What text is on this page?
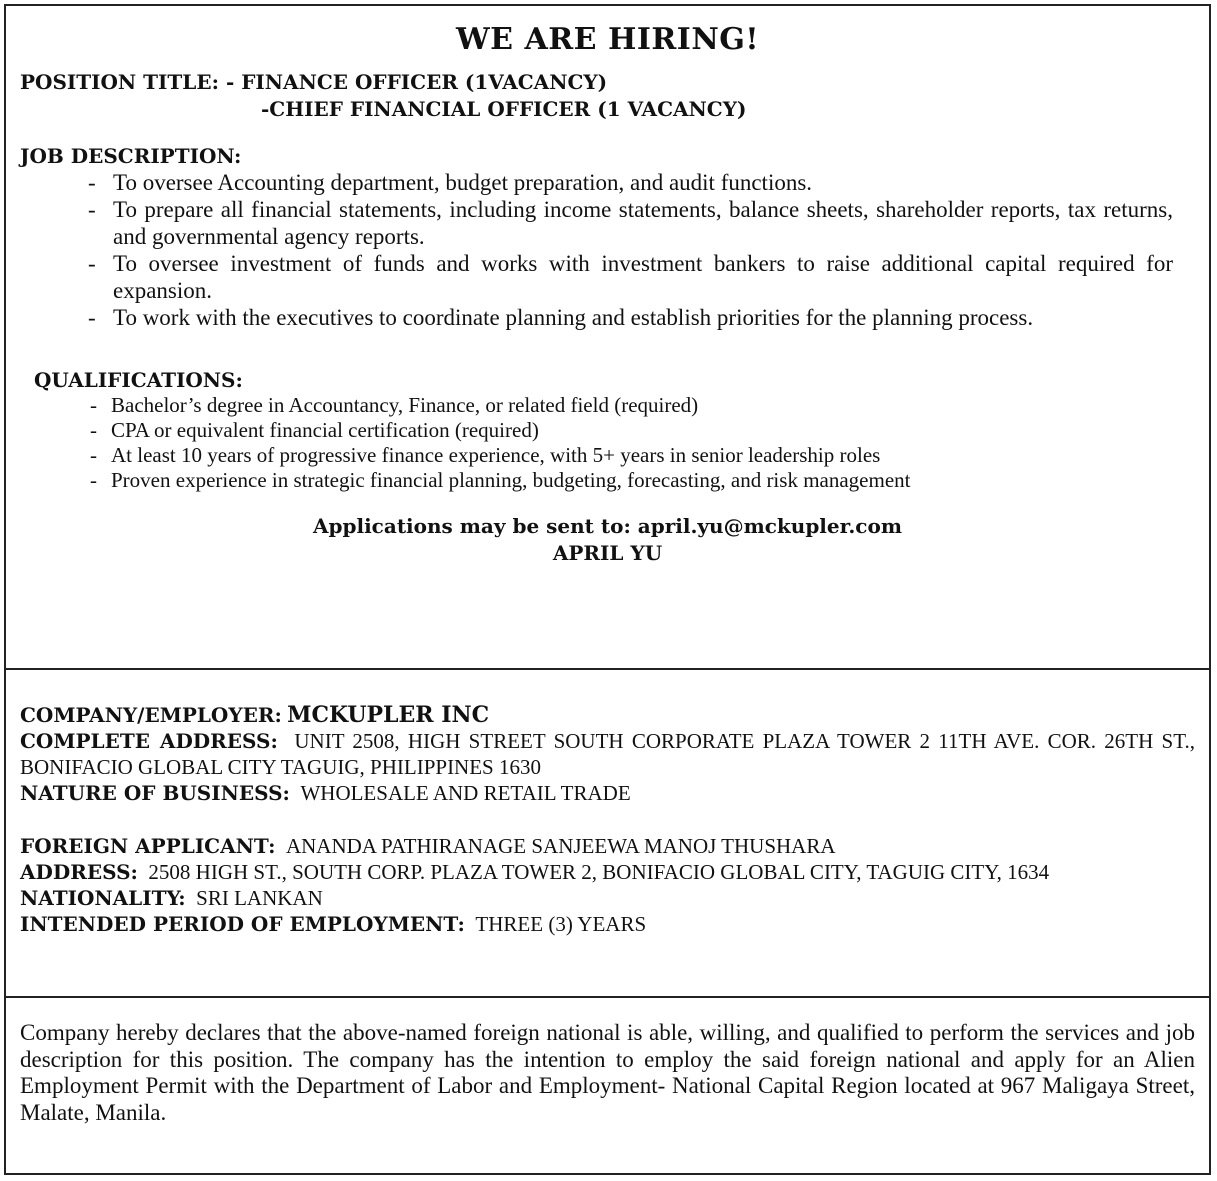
WE ARE HIRING!
POSITION TITLE: - FINANCE OFFICER (1VACANCY)
-CHIEF FINANCIAL OFFICER (1 VACANCY)
JOB DESCRIPTION:
- To oversee Accounting department, budget preparation, and audit functions.
- To prepare all financial statements, including income statements, balance sheets, shareholder reports, tax returns, and governmental agency reports.
- To oversee investment of funds and works with investment bankers to raise additional capital required for expansion.
- To work with the executives to coordinate planning and establish priorities for the planning process.
QUALIFICATIONS:
- Bachelor’s degree in Accountancy, Finance, or related field (required)
- CPA or equivalent financial certification (required)
- At least 10 years of progressive finance experience, with 5+ years in senior leadership roles
- Proven experience in strategic financial planning, budgeting, forecasting, and risk management
Applications may be sent to: april.yu@mckupler.com
APRIL YU
COMPANY/EMPLOYER: MCKUPLER INC
COMPLETE ADDRESS: UNIT 2508, HIGH STREET SOUTH CORPORATE PLAZA TOWER 2 11TH AVE. COR. 26TH ST., BONIFACIO GLOBAL CITY TAGUIG, PHILIPPINES 1630
NATURE OF BUSINESS: WHOLESALE AND RETAIL TRADE
FOREIGN APPLICANT: ANANDA PATHIRANAGE SANJEEWA MANOJ THUSHARA
ADDRESS: 2508 HIGH ST., SOUTH CORP. PLAZA TOWER 2, BONIFACIO GLOBAL CITY, TAGUIG CITY, 1634
NATIONALITY: SRI LANKAN
INTENDED PERIOD OF EMPLOYMENT: THREE (3) YEARS
Company hereby declares that the above-named foreign national is able, willing, and qualified to perform the services and job description for this position. The company has the intention to employ the said foreign national and apply for an Alien Employment Permit with the Department of Labor and Employment- National Capital Region located at 967 Maligaya Street, Malate, Manila.
